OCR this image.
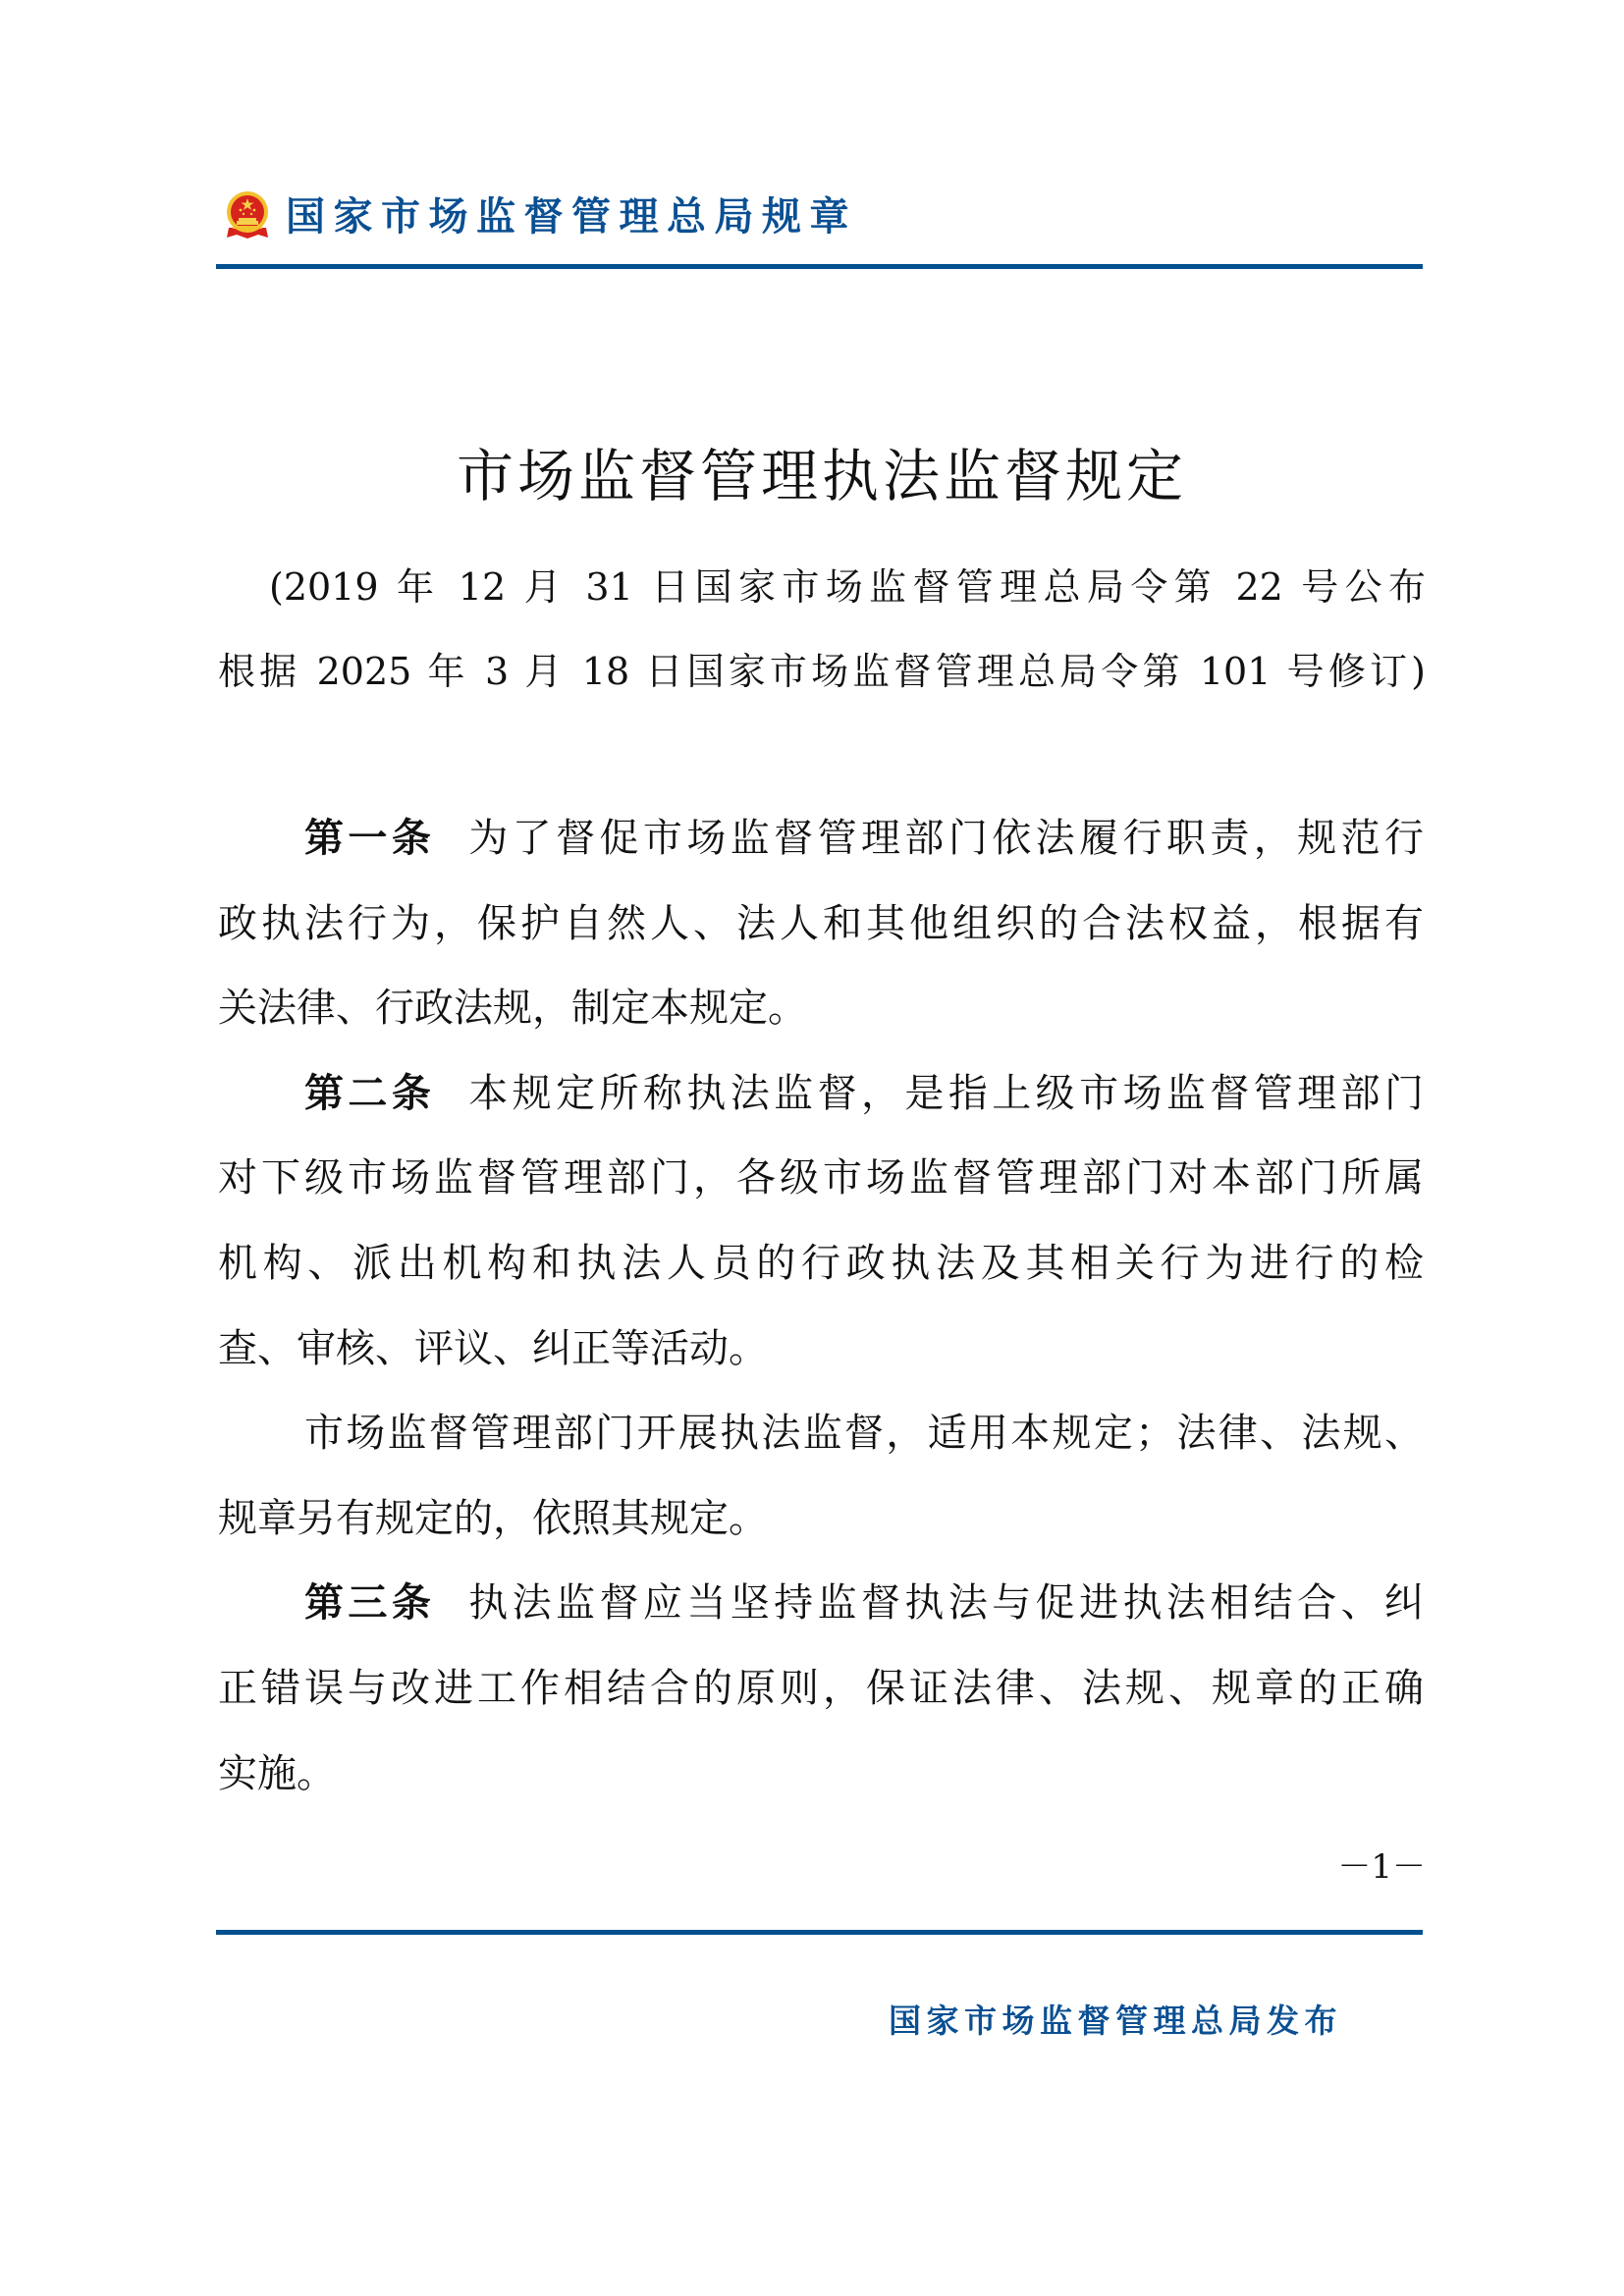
国家市场监督管理总局规章
市场监督管理执法监督规定
(2019 年 12 月 31 日国家市场监督管理总局令第 22 号公布
根据 2025 年 3 月 18 日国家市场监督管理总局令第 101 号修订)
第一条 为了督促市场监督管理部门依法履行职责，规范行
政执法行为，保护自然人、法人和其他组织的合法权益，根据有
关法律、行政法规，制定本规定。
第二条 本规定所称执法监督，是指上级市场监督管理部门
对下级市场监督管理部门，各级市场监督管理部门对本部门所属
机构、派出机构和执法人员的行政执法及其相关行为进行的检
查、审核、评议、纠正等活动。
市场监督管理部门开展执法监督，适用本规定；法律、法规、
规章另有规定的，依照其规定。
第三条 执法监督应当坚持监督执法与促进执法相结合、纠
正错误与改进工作相结合的原则，保证法律、法规、规章的正确
实施。
－1－
国家市场监督管理总局发布
